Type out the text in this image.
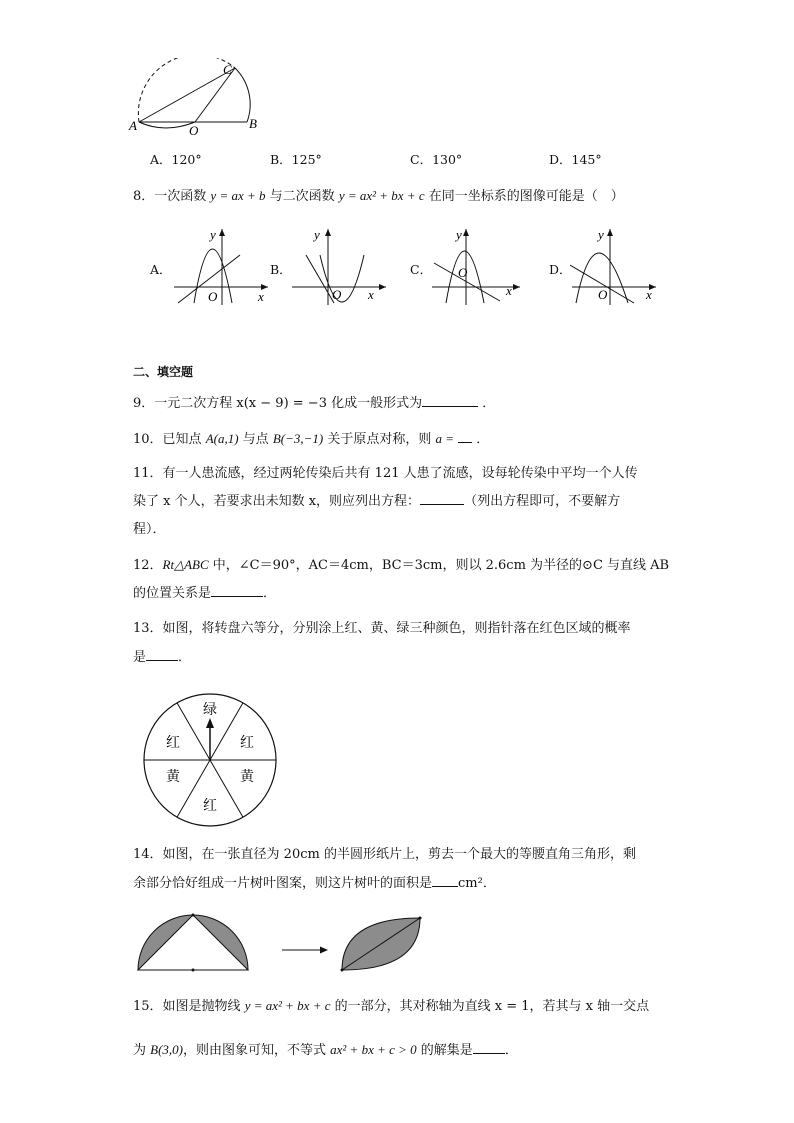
C
A	O	B
A．120°	B．125°	C．130°	D．145°
8．一次函数 y = ax + b 与二次函数 y = ax² + bx + c 在同一坐标系的图像可能是（　）
A．
y
O	x
B．
y
O x
C．
y
O
x
D．
y
O	x
二、填空题
9．一元二次方程 x(x − 9) = −3 化成一般形式为	．
10．已知点 A(a,1) 与点 B(−3,−1) 关于原点对称，则 a =  ．
11．有一人患流感，经过两轮传染后共有 121 人患了流感，设每轮传染中平均一个人传
染了 x 个人，若要求出未知数 x，则应列出方程：	（列出方程即可，不要解方
程）．
12．Rt△ABC 中，∠C＝90°，AC＝4cm，BC＝3cm，则以 2.6cm 为半径的⊙C 与直线 AB
的位置关系是	．
13．如图，将转盘六等分，分别涂上红、黄、绿三种颜色，则指针落在红色区域的概率
是 ．
绿
红	红
黄	黄
红
14．如图，在一张直径为 20cm 的半圆形纸片上，剪去一个最大的等腰直角三角形，剩
余部分恰好组成一片树叶图案，则这片树叶的面积是 cm²．
15．如图是抛物线 y = ax² + bx + c 的一部分，其对称轴为直线 x = 1，若其与 x 轴一交点
为 B(3,0)，则由图象可知，不等式 ax² + bx + c > 0 的解集是 ．
